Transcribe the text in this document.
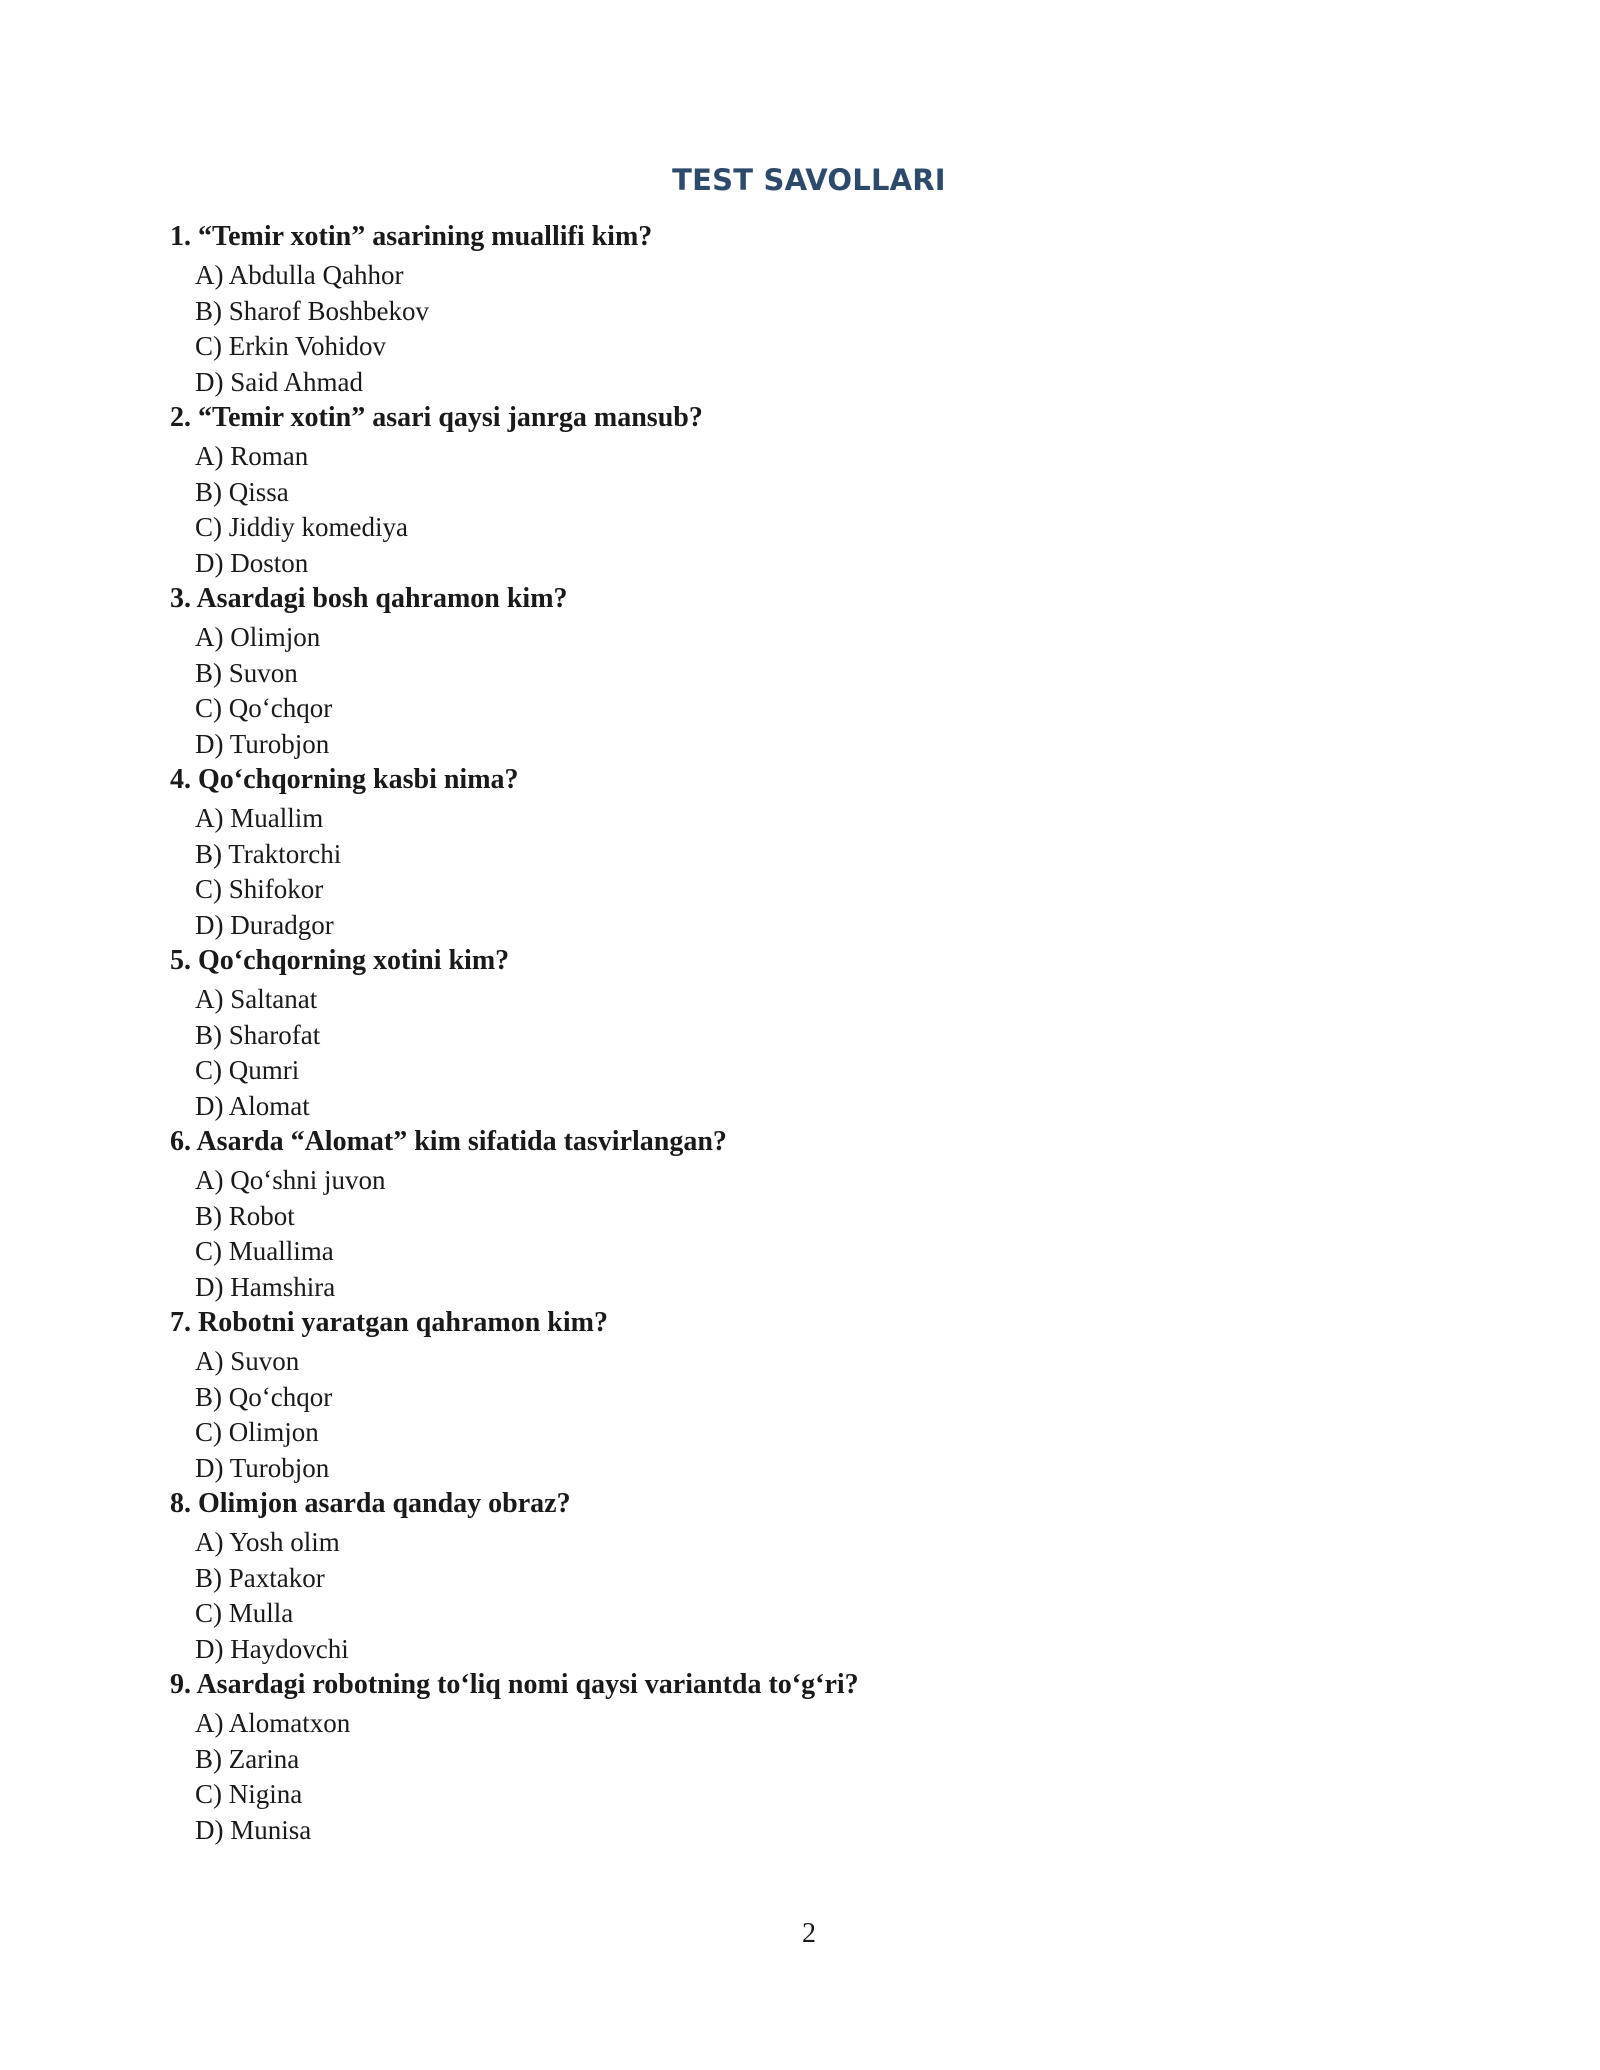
TEST SAVOLLARI
1. “Temir xotin” asarining muallifi kim?
A) Abdulla Qahhor
B) Sharof Boshbekov
C) Erkin Vohidov
D) Said Ahmad
2. “Temir xotin” asari qaysi janrga mansub?
A) Roman
B) Qissa
C) Jiddiy komediya
D) Doston
3. Asardagi bosh qahramon kim?
A) Olimjon
B) Suvon
C) Qo‘chqor
D) Turobjon
4. Qo‘chqorning kasbi nima?
A) Muallim
B) Traktorchi
C) Shifokor
D) Duradgor
5. Qo‘chqorning xotini kim?
A) Saltanat
B) Sharofat
C) Qumri
D) Alomat
6. Asarda “Alomat” kim sifatida tasvirlangan?
A) Qo‘shni juvon
B) Robot
C) Muallima
D) Hamshira
7. Robotni yaratgan qahramon kim?
A) Suvon
B) Qo‘chqor
C) Olimjon
D) Turobjon
8. Olimjon asarda qanday obraz?
A) Yosh olim
B) Paxtakor
C) Mulla
D) Haydovchi
9. Asardagi robotning to‘liq nomi qaysi variantda to‘g‘ri?
A) Alomatxon
B) Zarina
C) Nigina
D) Munisa
2
